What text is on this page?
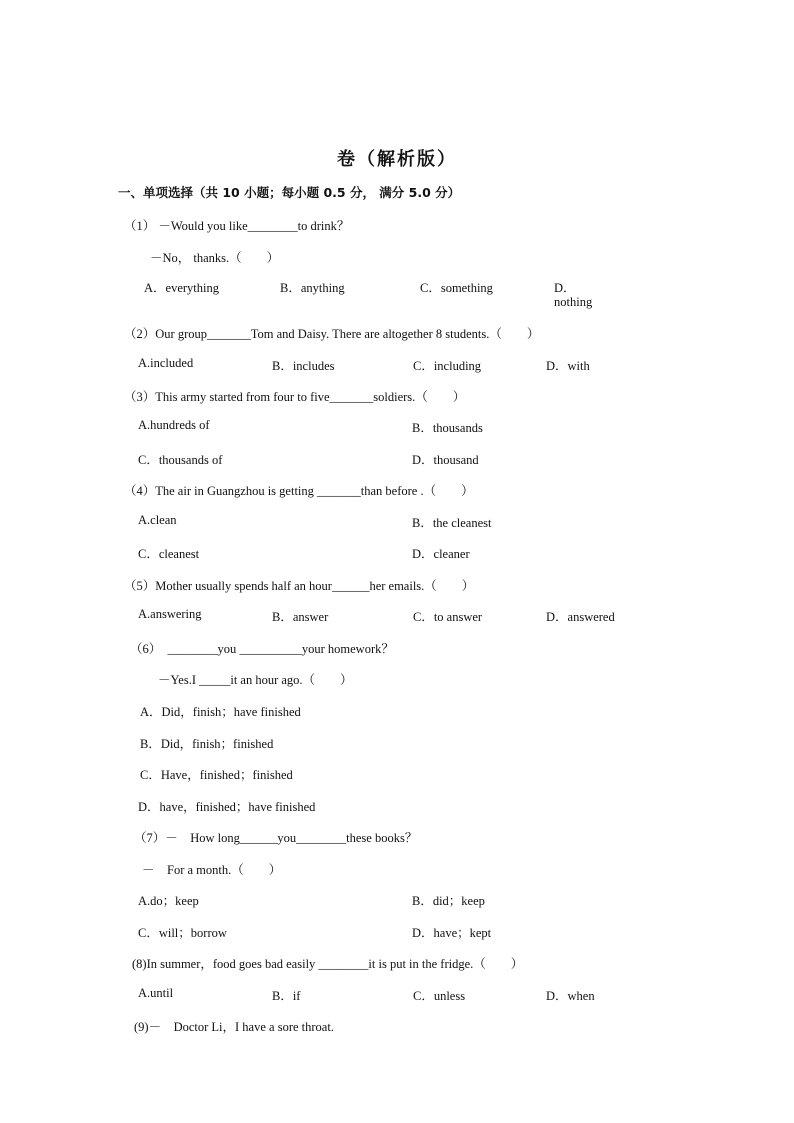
卷（解析版）
一、单项选择（共 10 小题；每小题 0.5 分， 满分 5.0 分）
（1） －Would you like________to drink？
－No， thanks.（　　）
A．everything	B．anything	C．something	D．
nothing
（2）Our group_______Tom and Daisy. There are altogether 8 students.（　　）
A.included	B．includes	C．including	D．with
（3）This army started from four to five_______soldiers.（　　）
A.hundreds of	B．thousands
C．thousands of	D．thousand
（4）The air in Guangzhou is getting _______than before .（　　）
A.clean	B．the cleanest
C．cleanest	D．cleaner
（5）Mother usually spends half an hour______her emails.（　　）
A.answering	B．answer	C．to answer	D．answered
（6）　________you __________your homework？
－Yes.I _____it an hour ago.（　　）
A．Did，finish；have finished
B．Did，finish；finished
C．Have，finished；finished
D．have，finished；have finished
（7）－　How long______you________these books？
－　For a month.（　　）
A.do；keep	B．did；keep
C．will；borrow	D．have；kept
(8)In summer，food goes bad easily ________it is put in the fridge.（　　）
A.until	B．if	C．unless	D．when
(9)－　Doctor Li，I have a sore throat.
